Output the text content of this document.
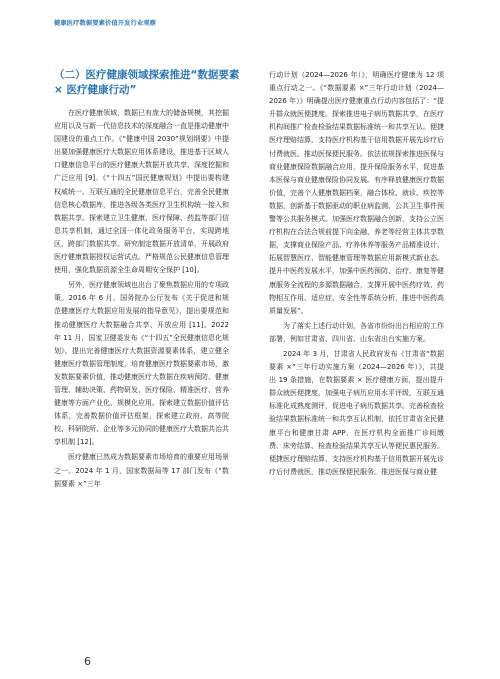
健康医疗数据要素价值开发行业观察
（二）医疗健康领域探索推进“数据要素 × 医疗健康行动”

在医疗健康领域，数据已有庞大的储备规模，其挖掘应用以及与新一代信息技术的深度融合一直是推动健康中国建设的重点工作。《“健康中国 2030”规划纲要》中提出要加强健康医疗大数据应用体系建设，推进基于区域人口健康信息平台的医疗健康大数据开放共享、深度挖掘和广泛应用 [9]。《“十四五”国民健康规划》中提出要构建权威统一、互联互通的全民健康信息平台，完善全民健康信息核心数据库，推进各级各类医疗卫生机构统一接入和数据共享。探索建立卫生健康、医疗保障、药监等部门信息共享机制，通过全国一体化政务服务平台，实现跨地区、跨部门数据共享。研究制定数据开放清单，开展政府医疗健康数据授权运营试点。严格规范公民健康信息管理使用，强化数据资源全生命周期安全保护 [10]。

另外，医疗健康领域也出台了聚焦数据应用的专项政策。2016 年 6 月，国务院办公厅发布《关于促进和规范健康医疗大数据应用发展的指导意见》，提出要规范和推动健康医疗大数据融合共享、开放应用 [11]。2022 年 11 月，国家卫健委发布《“十四五”全民健康信息化规划》，提出完善健康医疗大数据资源要素体系，建立健全健康医疗数据管理制度，培育健康医疗数据要素市场，激发数据要素价值，推动健康医疗大数据在疾病预防、健康管理、辅助决策、药物研发、医疗保险、精准医疗、营养健康等方面产业化、规模化应用。探索建立数据价值评估体系，完善数据价值评估框架，探索建立政府、高等院校、科研院所、企业等多元协同的健康医疗大数据共治共享机制 [12]。

医疗健康已然成为数据要素市场培育的重要应用场景之一。2024 年 1 月，国家数据局等 17 部门发布《“数据要素 ×”三年

行动计划（2024—2026 年）》，明确医疗健康为 12 项重点行动之一。《“数据要素 ×”三年行动计划（2024—2026 年）》明确提出医疗健康重点行动内容包括了：“提升群众就医便捷度。探索推进电子病历数据共享，在医疗机构间推广检查检验结果数据标准统一和共享互认。便捷医疗理赔结算，支持医疗机构基于信用数据开展先诊疗后付费就医。推动医保便民服务。依法依规探索推进医保与商业健康保险数据融合应用，提升保险服务水平，促进基本医保与商业健康保险协同发展。有序释放健康医疗数据价值，完善个人健康数据档案，融合体检、就诊、疾控等数据，创新基于数据驱动的职业病监测、公共卫生事件预警等公共服务模式。加强医疗数据融合创新，支持公立医疗机构在合法合规前提下向金融、养老等经营主体共享数据，支撑商业保险产品、疗养休养等服务产品精准设计，拓展智慧医疗、智能健康管理等数据应用新模式新业态。提升中医药发展水平，加强中医药预防、治疗、康复等健康服务全流程的多源数据融合，支撑开展中医药疗效、药物相互作用、适应症、安全性等系统分析，推进中医药高质量发展”。

为了落实上述行动计划，各省市纷纷出台相应的工作部署，例如甘肃省、四川省、山东省出台实施方案。

2024 年 3 月，甘肃省人民政府发布《甘肃省“数据要素 ×”三年行动实施方案（2024—2026 年）》，共提出 19 条措施，在数据要素 × 医疗健康方面，提出提升群众就医便捷度，加强电子病历应用水平评级、互联互通标准化成熟度测评，促进电子病历数据共享。完善检查检验结果数据标准统一和共享互认机制，依托甘肃省全民健康平台和健康甘肃 APP，在医疗机构全面推广诊间缴费、床旁结算、检查检验结果共享互认等便民惠民服务。便捷医疗理赔结算，支持医疗机构基于信用数据开展先诊疗后付费就医，推动医保便民服务。推进医保与商业健

6
